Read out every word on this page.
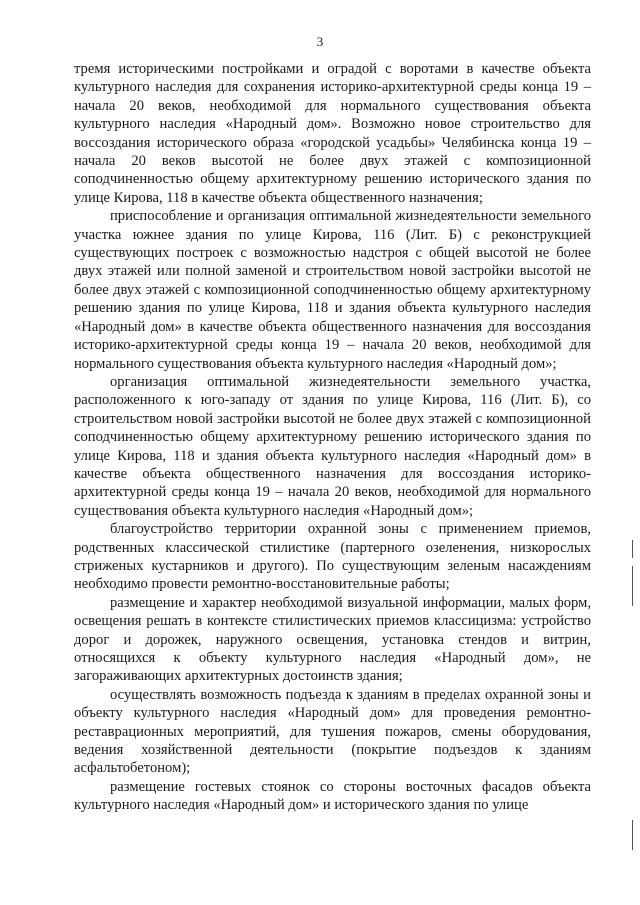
3

тремя историческими постройками и оградой с воротами в качестве объекта культурного наследия для сохранения историко-архитектурной среды конца 19 – начала 20 веков, необходимой для нормального существования объекта культурного наследия «Народный дом». Возможно новое строительство для воссоздания исторического образа «городской усадьбы» Челябинска конца 19 – начала 20 веков высотой не более двух этажей с композиционной соподчиненностью общему архитектурному решению исторического здания по улице Кирова, 118 в качестве объекта общественного назначения;

приспособление и организация оптимальной жизнедеятельности земельного участка южнее здания по улице Кирова, 116 (Лит. Б) с реконструкцией существующих построек с возможностью надстроя с общей высотой не более двух этажей или полной заменой и строительством новой застройки высотой не более двух этажей с композиционной соподчиненностью общему архитектурному решению здания по улице Кирова, 118 и здания объекта культурного наследия «Народный дом» в качестве объекта общественного назначения для воссоздания историко-архитектурной среды конца 19 – начала 20 веков, необходимой для нормального существования объекта культурного наследия «Народный дом»;

организация оптимальной жизнедеятельности земельного участка, расположенного к юго-западу от здания по улице Кирова, 116 (Лит. Б), со строительством новой застройки высотой не более двух этажей с композиционной соподчиненностью общему архитектурному решению исторического здания по улице Кирова, 118 и здания объекта культурного наследия «Народный дом» в качестве объекта общественного назначения для воссоздания историко-архитектурной среды конца 19 – начала 20 веков, необходимой для нормального существования объекта культурного наследия «Народный дом»;

благоустройство территории охранной зоны с применением приемов, родственных классической стилистике (партерного озеленения, низкорослых стриженых кустарников и другого). По существующим зеленым насаждениям необходимо провести ремонтно-восстановительные работы;

размещение и характер необходимой визуальной информации, малых форм, освещения решать в контексте стилистических приемов классицизма: устройство дорог и дорожек, наружного освещения, установка стендов и витрин, относящихся к объекту культурного наследия «Народный дом», не загораживающих архитектурных достоинств здания;

осуществлять возможность подъезда к зданиям в пределах охранной зоны и объекту культурного наследия «Народный дом» для проведения ремонтно-реставрационных мероприятий, для тушения пожаров, смены оборудования, ведения хозяйственной деятельности (покрытие подъездов к зданиям асфальтобетоном);

размещение гостевых стоянок со стороны восточных фасадов объекта культурного наследия «Народный дом» и исторического здания по улице
